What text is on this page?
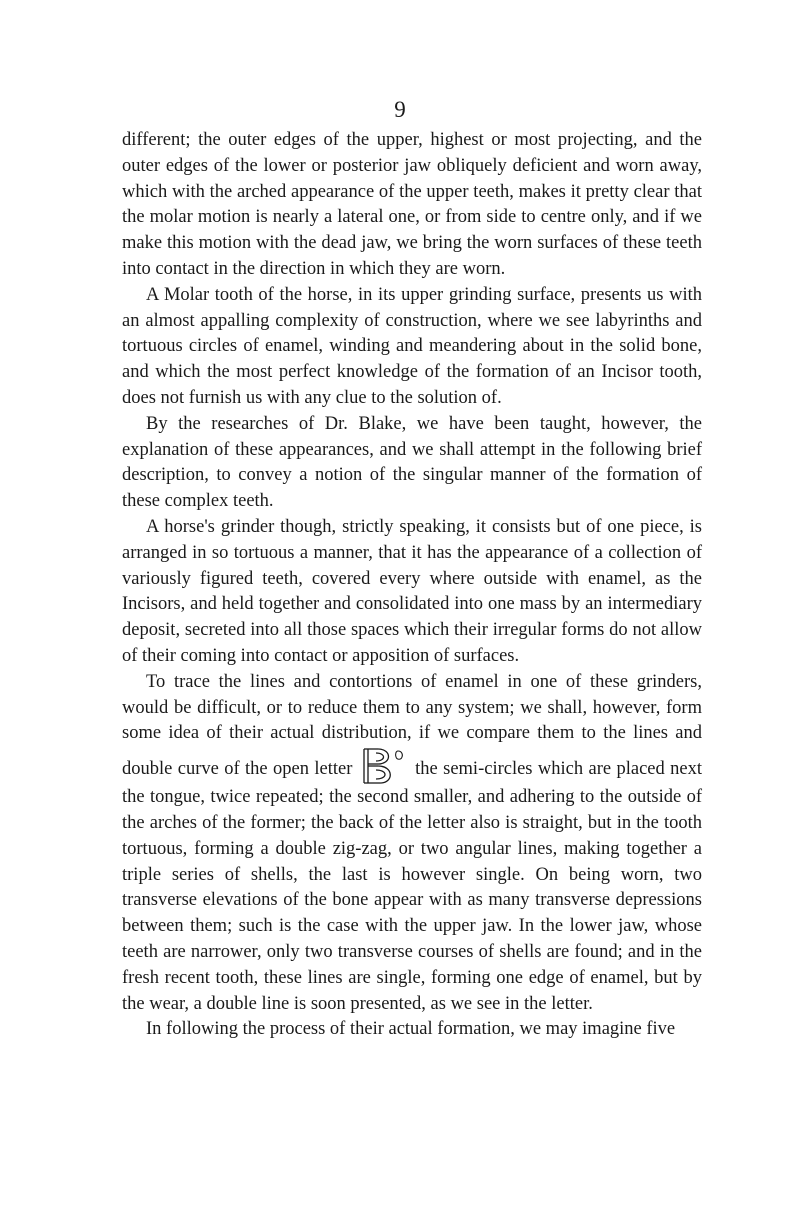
9

different; the outer edges of the upper, highest or most projecting, and the outer edges of the lower or posterior jaw obliquely deficient and worn away, which with the arched appearance of the upper teeth, makes it pretty clear that the molar motion is nearly a lateral one, or from side to centre only, and if we make this motion with the dead jaw, we bring the worn surfaces of these teeth into contact in the direction in which they are worn.

A Molar tooth of the horse, in its upper grinding surface, presents us with an almost appalling complexity of construction, where we see labyrinths and tortuous circles of enamel, winding and meandering about in the solid bone, and which the most perfect knowledge of the formation of an Incisor tooth, does not furnish us with any clue to the solution of.

By the researches of Dr. Blake, we have been taught, however, the explanation of these appearances, and we shall attempt in the following brief description, to convey a notion of the singular manner of the formation of these complex teeth.

A horse's grinder though, strictly speaking, it consists but of one piece, is arranged in so tortuous a manner, that it has the appearance of a collection of variously figured teeth, covered every where outside with enamel, as the Incisors, and held together and consolidated into one mass by an intermediary deposit, secreted into all those spaces which their irregular forms do not allow of their coming into contact or apposition of surfaces.

To trace the lines and contortions of enamel in one of these grinders, would be difficult, or to reduce them to any system; we shall, however, form some idea of their actual distribution, if we compare them to the lines and double curve of the open letter	the semi-circles which are placed next the tongue, twice repeated; the second smaller, and adhering to the outside of the arches of the former; the back of the letter also is straight, but in the tooth tortuous, forming a double zig-zag, or two angular lines, making together a triple series of shells, the last is however single. On being worn, two transverse elevations of the bone appear with as many transverse depressions between them; such is the case with the upper jaw. In the lower jaw, whose teeth are narrower, only two transverse courses of shells are found; and in the fresh recent tooth, these lines are single, forming one edge of enamel, but by the wear, a double line is soon presented, as we see in the letter.

In following the process of their actual formation, we may imagine five
